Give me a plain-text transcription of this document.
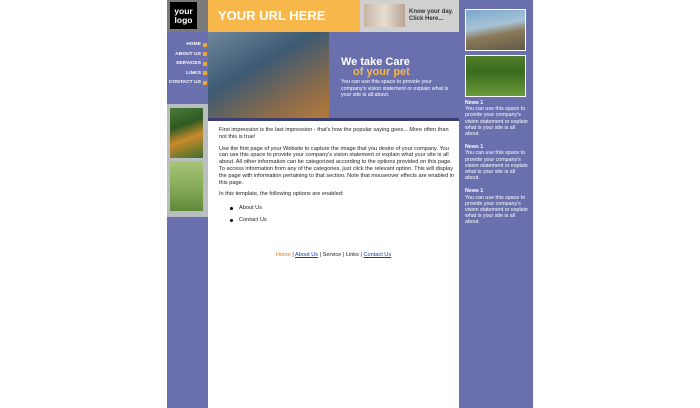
your
logo
HOME
ABOUT US
SERVICES
LINKS
CONTACT US
YOUR URL HERE	Know your day.
Click Here...
We take Care
of your pet
You can use this space to provide your company's vision statement or explain what is your site is all about.

First impression is the last impression - that's how the popular saying goes... More often than not this is true!

Use the first page of your Website to capture the image that you desire of your company. You can use this space to provide your company's vision statement or explain what your site is all about. All other information can be categorized according to the options provided on this page. To access information from any of the categories, just click the relevant option. This will display the page with information pertaining to that section. Note that mouseover effects are enabled in this page.

In this template, the following options are enabled:

About Us
Contact Us
Home | About Us | Service | Links | Contact Us
News 1
You can use this space to provide your company's vision statement or explain what is your site is all about.
News 1
You can use this space to provide your company's vision statement or explain what is your site is all about.
News 1
You can use this space to provide your company's vision statement or explain what is your site is all about.
